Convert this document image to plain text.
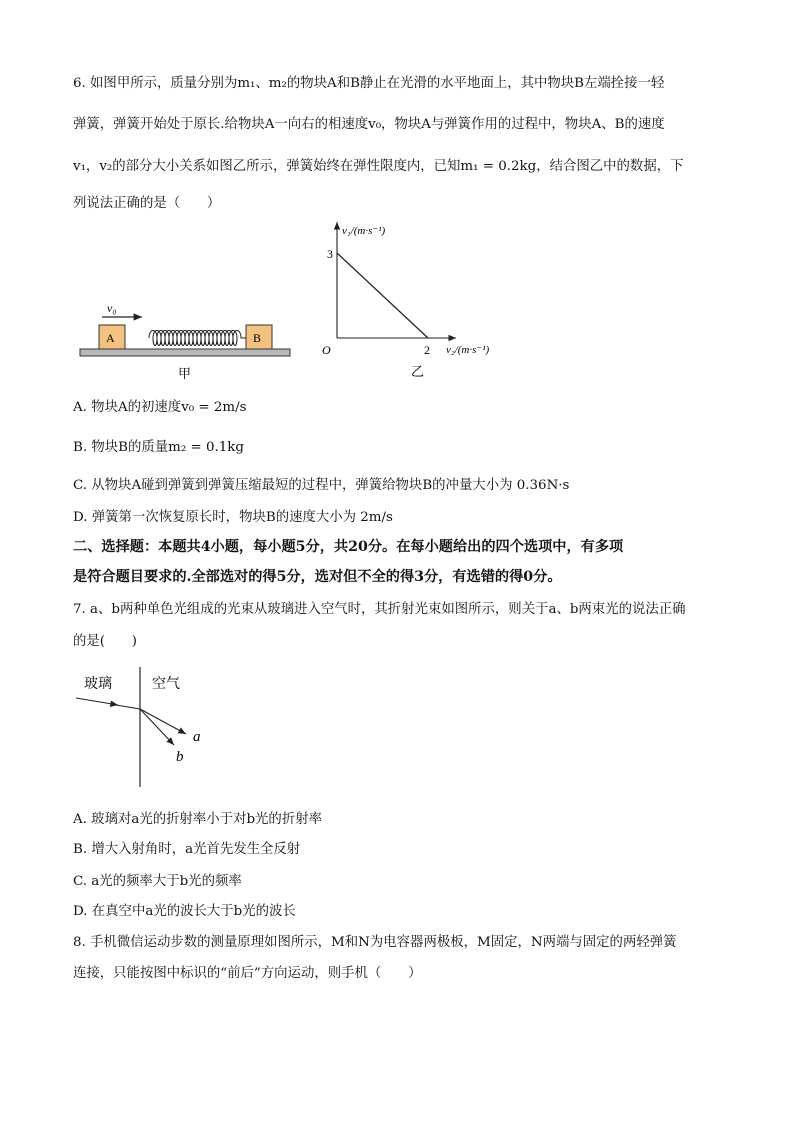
6. 如图甲所示，质量分别为m₁、m₂的物块A和B静止在光滑的水平地面上，其中物块B左端拴接一轻
弹簧，弹簧开始处于原长.给物块A一向右的相速度v₀，物块A与弹簧作用的过程中，物块A、B的速度
v₁，v₂的部分大小关系如图乙所示，弹簧始终在弹性限度内，已知m₁ = 0.2kg，结合图乙中的数据，下
列说法正确的是（　　）
v₀
A	B
甲
v₁/(m·s⁻¹)
v₂/(m·s⁻¹)
O
3
2
乙
A. 物块A的初速度v₀ = 2m/s
B. 物块B的质量m₂ = 0.1kg
C. 从物块A碰到弹簧到弹簧压缩最短的过程中，弹簧给物块B的冲量大小为 0.36N·s
D. 弹簧第一次恢复原长时，物块B的速度大小为 2m/s
二、选择题：本题共4小题，每小题5分，共20分。在每小题给出的四个选项中，有多项
是符合题目要求的.全部选对的得5分，选对但不全的得3分，有选错的得0分。
7. a、b两种单色光组成的光束从玻璃进入空气时，其折射光束如图所示，则关于a、b两束光的说法正确
的是(　　)
玻璃	空气
a
b
A. 玻璃对a光的折射率小于对b光的折射率
B. 增大入射角时，a光首先发生全反射
C. a光的频率大于b光的频率
D. 在真空中a光的波长大于b光的波长
8. 手机微信运动步数的测量原理如图所示，M和N为电容器两极板，M固定，N两端与固定的两轻弹簧
连接，只能按图中标识的“前后”方向运动，则手机（　　）
